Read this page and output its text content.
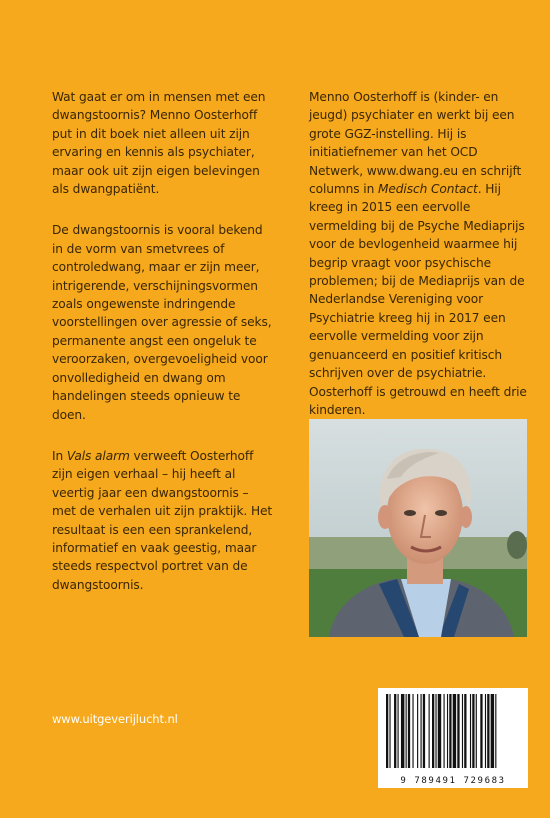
Wat gaat er om in mensen met een dwangstoornis? Menno Oosterhoff put in dit boek niet alleen uit zijn ervaring en kennis als psychiater, maar ook uit zijn eigen belevingen als dwangpatiënt.

De dwangstoornis is vooral bekend in de vorm van smetvrees of controledwang, maar er zijn meer, intrigerende, verschijningsvormen zoals ongewenste indringende voorstellingen over agressie of seks, permanente angst een ongeluk te veroorzaken, overgevoeligheid voor onvolledigheid en dwang om handelingen steeds opnieuw te doen.

In Vals alarm verweeft Oosterhoff zijn eigen verhaal – hij heeft al veertig jaar een dwangstoornis – met de verhalen uit zijn praktijk. Het resultaat is een een sprankelend, informatief en vaak geestig, maar steeds respectvol portret van de dwangstoornis.

Menno Oosterhoff is (kinder- en jeugd) psychiater en werkt bij een grote GGZ-instelling. Hij is initiatiefnemer van het OCD Netwerk, www.dwang.eu en schrijft columns in Medisch Contact. Hij kreeg in 2015 een eervolle vermelding bij de Psyche Mediaprijs voor de bevlogenheid waarmee hij begrip vraagt voor psychische problemen; bij de Mediaprijs van de Nederlandse Vereniging voor Psychiatrie kreeg hij in 2017 een eervolle vermelding voor zijn genuanceerd en positief kritisch schrijven over de psychiatrie. Oosterhoff is getrouwd en heeft drie kinderen.

9 789491 729683
www.uitgeverijlucht.nl
